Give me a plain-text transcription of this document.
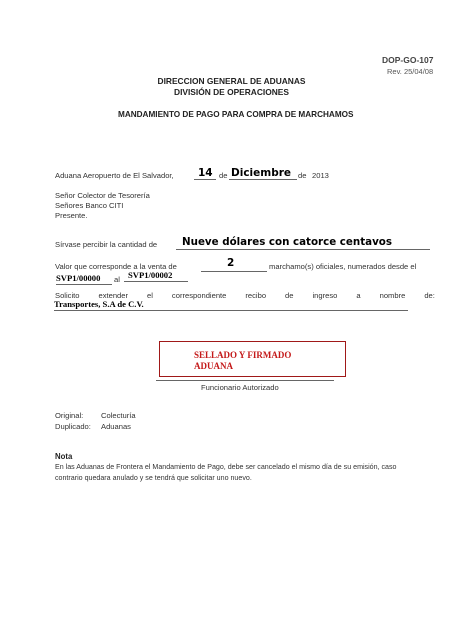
DOP-GO-107
Rev. 25/04/08
DIRECCION GENERAL DE ADUANAS
DIVISIÓN DE OPERACIONES
MANDAMIENTO DE PAGO PARA COMPRA DE MARCHAMOS
Aduana Aeropuerto de El Salvador, 14 de Diciembre de 2013
Señor Colector de Tesorería
Señores Banco CITI
Presente.
Sírvase percibir la cantidad de Nueve dólares con catorce centavos
Valor que corresponde a la venta de	2	marchamo(s) oficiales, numerados desde el
SVP1/00000 al SVP1/00002
Solicito extender el correspondiente recibo de ingreso a nombre de:
Transportes, S.A de C.V.
SELLADO Y FIRMADO
ADUANA
Funcionario Autorizado
Original: Colecturía
Duplicado: Aduanas
Nota
En las Aduanas de Frontera el Mandamiento de Pago, debe ser cancelado el mismo día de su emisión, caso
contrario quedara anulado y se tendrá que solicitar uno nuevo.
